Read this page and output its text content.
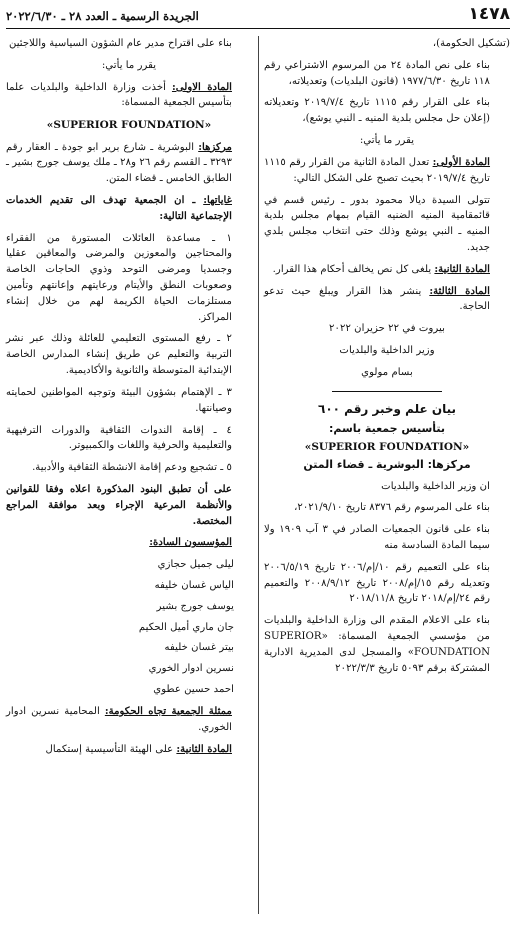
١٤٧٨
الجريدة الرسمية ـ العدد ٢٨ ـ ٢٠٢٢/٦/٣٠

(تشكيل الحكومة)،

بناء على نص المادة ٢٤ من المرسوم الاشتراعي رقم ١١٨ تاريخ ١٩٧٧/٦/٣٠ (قانون البلديات) وتعديلاته،

بناء على القرار رقم ١١١٥ تاريخ ٢٠١٩/٧/٤ وتعديلاته (إعلان حل مجلس بلدية المنيه ـ النبي يوشع)،

يقرر ما يأتي:

المادة الأولى: تعدل المادة الثانية من القرار رقم ١١١٥ تاريخ ٢٠١٩/٧/٤ بحيث تصبح على الشكل التالي:

تتولى السيدة ديالا محمود بدور ـ رئيس قسم في قائمقامية المنيه الضنيه القيام بمهام مجلس بلدية المنيه ـ النبي يوشع وذلك حتى انتخاب مجلس بلدي جديد.

المادة الثانية: يلغى كل نص يخالف أحكام هذا القرار.

المادة الثالثة: ينشر هذا القرار ويبلغ حيث تدعو الحاجة.

بيروت في ٢٢ حزيران ٢٠٢٢

وزير الداخلية والبلديات

بسام مولوي

بيان علم وخبر رقم ٦٠٠
بتأسيس جمعية باسم:
«SUPERIOR FOUNDATION»
مركزها: البوشرية ـ قضاء المتن

ان وزير الداخلية والبلديات

بناء على المرسوم رقم ٨٣٧٦ تاريخ ٢٠٢١/٩/١٠،

بناء على قانون الجمعيات الصادر في ٣ آب ١٩٠٩ ولا سيما المادة السادسة منه

بناء على التعميم رقم ١٠/إم/٢٠٠٦ تاريخ ٢٠٠٦/٥/١٩ وتعديله رقم ١٥/إم/٢٠٠٨ تاريخ ٢٠٠٨/٩/١٢ والتعميم رقم ٢٤/إم/٢٠١٨ تاريخ ٢٠١٨/١١/٨

بناء على الاعلام المقدم الى وزارة الداخلية والبلديات من مؤسسي الجمعية المسماة: «SUPERIOR FOUNDATION» والمسجل لدى المديرية الادارية المشتركة برقم ٥٠٩٣ تاريخ ٢٠٢٢/٣/٣

بناء على اقتراح مدير عام الشؤون السياسية واللاجئين

يقرر ما يأتي:

المادة الاولى: أخذت وزارة الداخلية والبلديات علما بتأسيس الجمعية المسماة:

«SUPERIOR FOUNDATION»

مركزها: البوشرية ـ شارع برير ابو جودة ـ العقار رقم ٣٢٩٣ ـ القسم رقم ٢٦ و٢٨ ـ ملك يوسف جورج بشير ـ الطابق الخامس ـ قضاء المتن.

غاياتها: ـ ان الجمعية تهدف الى تقديم الخدمات الإجتماعية التالية:

١ ـ مساعدة العائلات المستورة من الفقراء والمحتاجين والمعوزين والمرضى والمعاقين عقليا وجسديا ومرضى التوحد وذوي الحاجات الخاصة وصعوبات النطق والأيتام ورعايتهم وإعانتهم وتأمين مستلزمات الحياة الكريمة لهم من خلال إنشاء المراكز.

٢ ـ رفع المستوى التعليمي للعائلة وذلك عبر نشر التربية والتعليم عن طريق إنشاء المدارس الخاصة الإبتدائية المتوسطة والثانوية والأكاديمية.

٣ ـ الإهتمام بشؤون البيئة وتوجيه المواطنين لحمايته وصيانتها.

٤ ـ إقامة الندوات الثقافية والدورات الترفيهية والتعليمية والحرفية واللغات والكمبيوتر.

٥ ـ تشجيع ودعم إقامة الانشطة الثقافية والأدبية.

على أن تطبق البنود المذكورة اعلاه وفقا للقوانين والأنظمة المرعية الإجراء وبعد موافقة المراجع المختصة.

المؤسسون السادة:

ليلى جميل حجازي
الياس غسان خليفه
يوسف جورج بشير
جان ماري أميل الحكيم
بيتر غسان خليفه
نسرين ادوار الخوري
احمد حسين عطوي

ممثلة الجمعية تجاه الحكومة: المحامية نسرين ادوار الخوري.

المادة الثانية: على الهيئة التأسيسية إستكمال
